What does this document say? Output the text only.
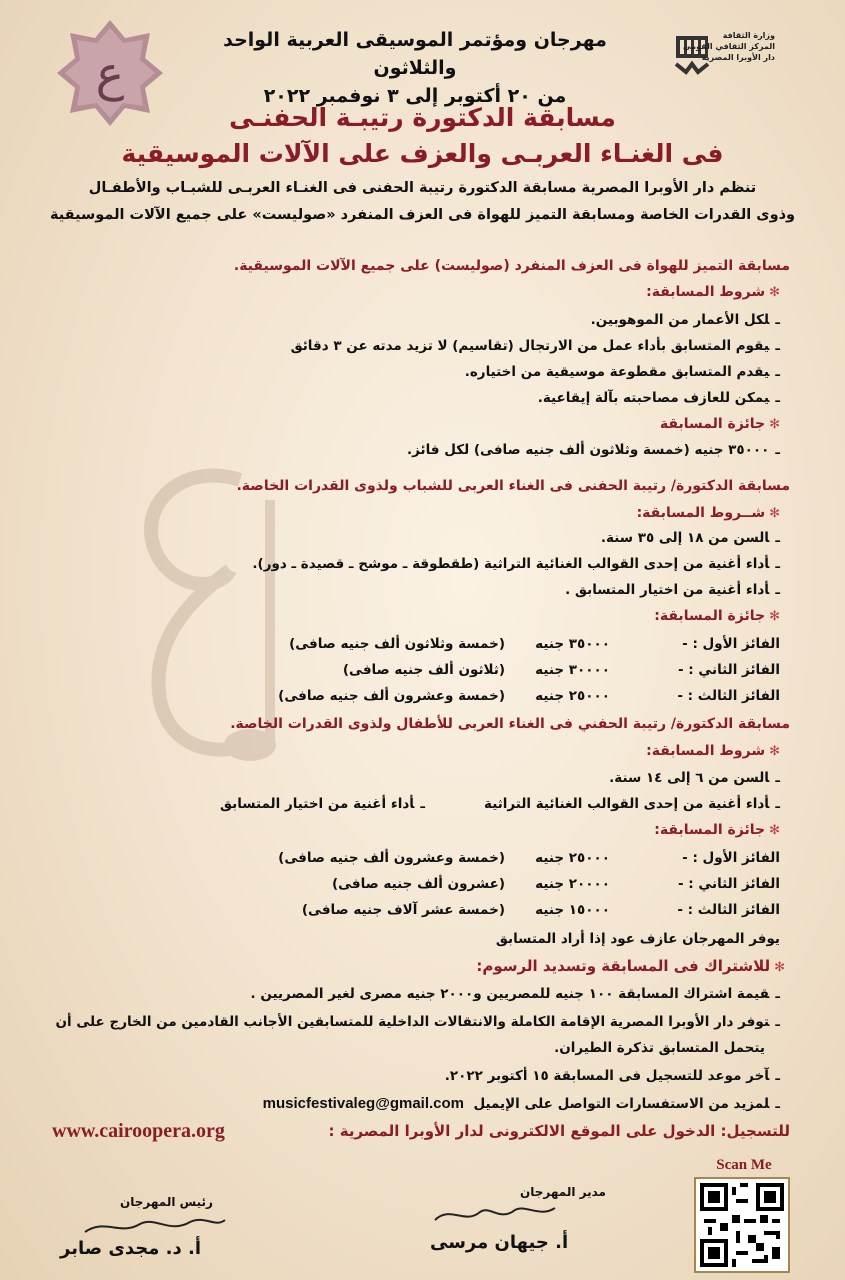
ع
وزارة الثقافة
المركز الثقافي القومي
دار الأوبرا المصرية
مهرجان ومؤتمر الموسيقى العربية الواحد والثلاثون
من ٢٠ أكتوبر إلى ٣ نوفمبر ٢٠٢٢
مسابقة الدكتورة رتيبـة الحفنـى
فى الغنـاء العربـى والعزف على الآلات الموسيقية
تنظم دار الأوبرا المصرية مسابقة الدكتورة رتيبة الحفنى فى الغنـاء العربـى للشبـاب والأطفـال
وذوى القدرات الخاصة ومسابقة التميز للهواة فى العزف المنفرد «صوليست» على جميع الآلات الموسيقية
مسابقة التميز للهواة فى العزف المنفرد (صوليست) على جميع الآلات الموسيقية.
✻شروط المسابقة:
ـلكل الأعمار من الموهوبين.
ـيقوم المتسابق بأداء عمل من الارتجال (تقاسيم) لا تزيد مدته عن ٣ دقائق
ـيقدم المتسابق مقطوعة موسيقية من اختياره.
ـيمكن للعازف مصاحبته بآلة إيقاعية.
✻جائزة المسابقة
ـ٣٥٠٠٠ جنيه (خمسة وثلاثون ألف جنيه صافى) لكل فائز.
مسابقة الدكتورة/ رتيبة الحفنى فى الغناء العربى للشباب ولذوى القدرات الخاصة.
✻شــروط المسابقة:
ـالسن من ١٨ إلى ٣٥ سنة.
ـأداء أغنية من إحدى القوالب الغنائية التراثية (طقطوقة ـ موشح ـ قصيدة ـ دور).
ـأداء أغنية من اختيار المتسابق .
✻جائزة المسابقة:
الفائز الأول : -
٣٥٠٠٠ جنيه
(خمسة وثلاثون ألف جنيه صافى)
الفائز الثاني : -
٣٠٠٠٠ جنيه
(ثلاثون ألف جنيه صافى)
الفائز الثالث : -
٢٥٠٠٠ جنيه
(خمسة وعشرون ألف جنيه صافى)
مسابقة الدكتورة/ رتيبة الحفني فى الغناء العربى للأطفال ولذوى القدرات الخاصة.
✻شروط المسابقة:
ـالسن من ٦ إلى ١٤ سنة.
ـأداء أغنية من إحدى القوالب الغنائية التراثية
ـأداء أغنية من اختيار المتسابق
✻جائزة المسابقة:
الفائز الأول : -
٢٥٠٠٠ جنيه
(خمسة وعشرون ألف جنيه صافى)
الفائز الثاني : -
٢٠٠٠٠ جنيه
(عشرون ألف جنيه صافى)
الفائز الثالث : -
١٥٠٠٠ جنيه
(خمسة عشر آلاف جنيه صافى)
يوفر المهرجان عازف عود إذا أراد المتسابق
✻للاشتراك فى المسابقة وتسديد الرسوم:
ـقيمة اشتراك المسابقة ١٠٠ جنيه للمصريين و٢٠٠٠ جنيه مصرى لغير المصريين .
ـتوفر دار الأوبرا المصرية الإقامة الكاملة والانتقالات الداخلية للمتسابقين الأجانب القادمين من الخارج على أن
يتحمل المتسابق تذكرة الطيران.
ـآخر موعد للتسجيل فى المسابقة ١٥ أكتوبر ٢٠٢٢.
ـلمزيد من الاستفسارات التواصل على الإيميل  musicfestivaleg@gmail.com
للتسجيل: الدخول على الموقع الالكترونى لدار الأوبرا المصرية :
www.cairoopera.org
Scan Me
مدير المهرجان
أ. جيهان مرسى
رئيس المهرجان
أ. د. مجدى صابر
